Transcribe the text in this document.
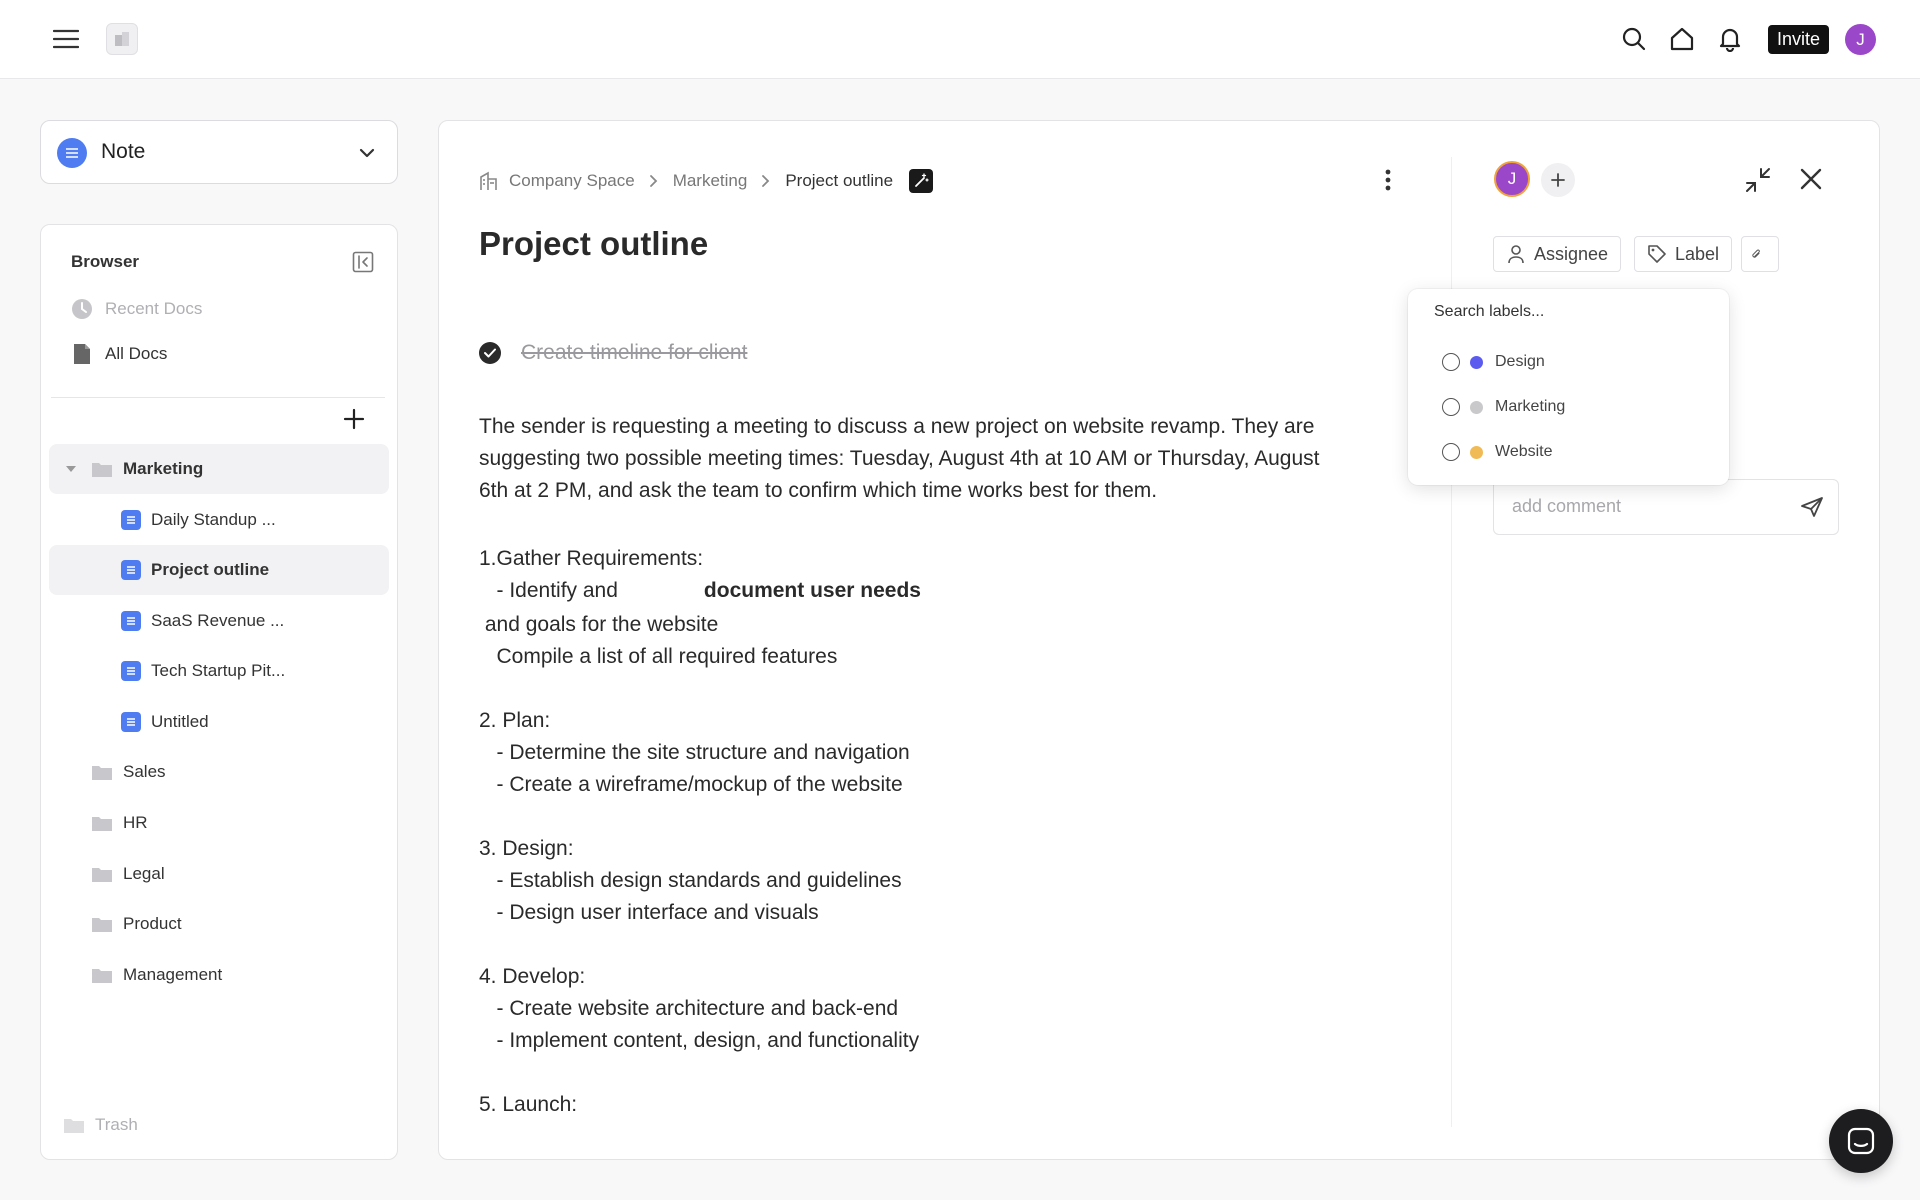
Invite	J
Note
Browser
Recent Docs
All Docs
Marketing
Daily Standup ...
Project outline
SaaS Revenue ...
Tech Startup Pit...
Untitled
Sales
HR
Legal
Product
Management
Trash
Company Space Marketing Project outline
Project outline
Create timeline for client
The sender is requesting a meeting to discuss a new project on website revamp. They are
suggesting two possible meeting times: Tuesday, August 4th at 10 AM or Thursday, August
6th at 2 PM, and ask the team to confirm which time works best for them.
1.Gather Requirements:
- Identify and	document user needs
and goals for the website
Compile a list of all required features
2. Plan:
- Determine the site structure and navigation
- Create a wireframe/mockup of the website
3. Design:
- Establish design standards and guidelines
- Design user interface and visuals
4. Develop:
- Create website architecture and back-end
- Implement content, design, and functionality
5. Launch:
J
Assignee	Label
add comment
Search labels...
Design
Marketing
Website
